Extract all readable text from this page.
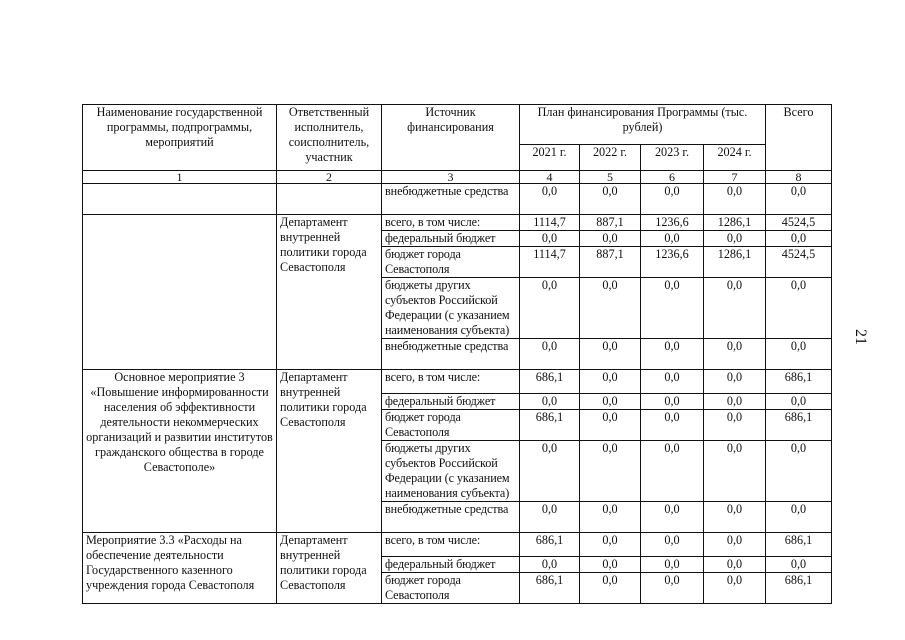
Наименование государственной программы, подпрограммы, мероприятий	Ответственный исполнитель, соисполнитель, участник	Источник финансирования	План финансирования Программы (тыс. рублей)				Всего
			2021 г.	2022 г.	2023 г.	2024 г.	
1	2	3	4	5	6	7	8
		внебюджетные средства	0,0	0,0	0,0	0,0	0,0
	Департамент внутренней политики города Севастополя	всего, в том числе:	1114,7	887,1	1236,6	1286,1	4524,5
		федеральный бюджет	0,0	0,0	0,0	0,0	0,0
		бюджет города Севастополя	1114,7	887,1	1236,6	1286,1	4524,5
		бюджеты других субъектов Российской Федерации (с указанием наименования субъекта)	0,0	0,0	0,0	0,0	0,0
		внебюджетные средства	0,0	0,0	0,0	0,0	0,0
Основное мероприятие 3 «Повышение информированности населения об эффективности деятельности некоммерческих организаций и развитии институтов гражданского общества в городе Севастополе»	Департамент внутренней политики города Севастополя	всего, в том числе:	686,1	0,0	0,0	0,0	686,1
		федеральный бюджет	0,0	0,0	0,0	0,0	0,0
		бюджет города Севастополя	686,1	0,0	0,0	0,0	686,1
		бюджеты других субъектов Российской Федерации (с указанием наименования субъекта)	0,0	0,0	0,0	0,0	0,0
		внебюджетные средства	0,0	0,0	0,0	0,0	0,0
Мероприятие 3.3 «Расходы на обеспечение деятельности Государственного казенного учреждения города Севастополя	Департамент внутренней политики города Севастополя	всего, в том числе:	686,1	0,0	0,0	0,0	686,1
		федеральный бюджет	0,0	0,0	0,0	0,0	0,0
		бюджет города Севастополя	686,1	0,0	0,0	0,0	686,1
21
